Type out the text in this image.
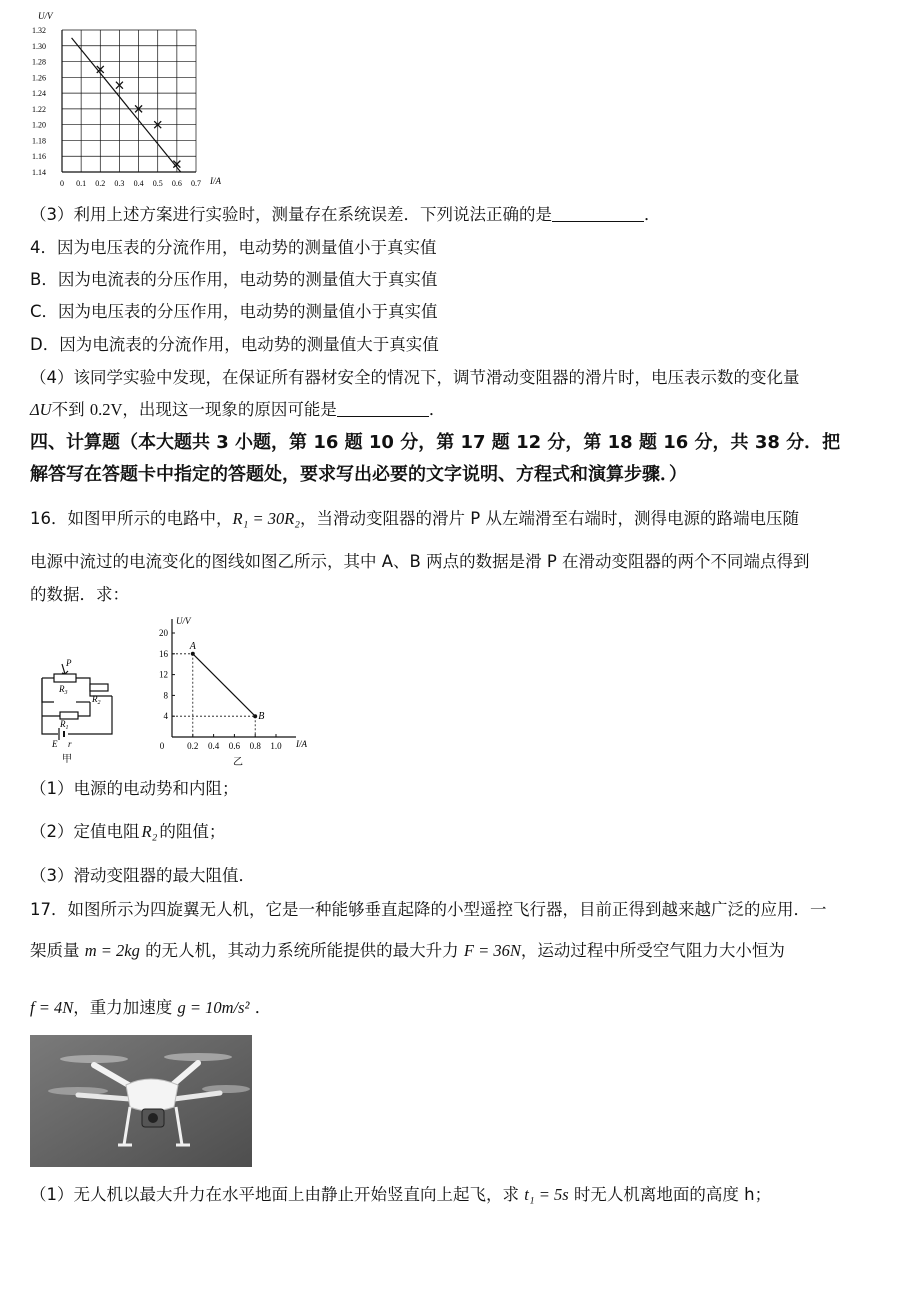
U/V
1.32
1.30
1.28
1.26
1.24
1.22
1.20
1.18
1.16
1.14
0 0.1 0.2 0.3 0.4 0.5 0.6 0.7 I/A
（3）利用上述方案进行实验时，测量存在系统误差．下列说法正确的是	．
4．因为电压表的分流作用，电动势的测量值小于真实值
B．因为电流表的分压作用，电动势的测量值大于真实值
C．因为电压表的分压作用，电动势的测量值小于真实值
D．因为电流表的分流作用，电动势的测量值大于真实值
（4）该同学实验中发现，在保证所有器材安全的情况下，调节滑动变阻器的滑片时，电压表示数的变化量
ΔU不到 0.2V，出现这一现象的原因可能是	．
四、计算题（本大题共 3 小题，第 16 题 10 分，第 17 题 12 分，第 18 题 16 分，共 38 分．把
解答写在答题卡中指定的答题处，要求写出必要的文字说明、方程式和演算步骤．）
16．如图甲所示的电路中，R₁ = 30R₂，当滑动变阻器的滑片 P 从左端滑至右端时，测得电源的路端电压随
电源中流过的电流变化的图线如图乙所示，其中 A、B 两点的数据是滑 P 在滑动变阻器的两个不同端点得到
的数据．求：
P
$R_3$
$R_2$
$R_1$
E r
甲
U/V
20
16
12
8
4
0	0.2 0.4 0.6 0.8 1.0
A
B
I/A
乙
（1）电源的电动势和内阻；
（2）定值电阻 R₂ 的阻值；
（3）滑动变阻器的最大阻值．
17．如图所示为四旋翼无人机，它是一种能够垂直起降的小型遥控飞行器，目前正得到越来越广泛的应用．一
架质量 m = 2kg 的无人机，其动力系统所能提供的最大升力 F = 36N，运动过程中所受空气阻力大小恒为
f = 4N，重力加速度 g = 10m/s² ．
（1）无人机以最大升力在水平地面上由静止开始竖直向上起飞，求 t₁ = 5s 时无人机离地面的高度 h；
